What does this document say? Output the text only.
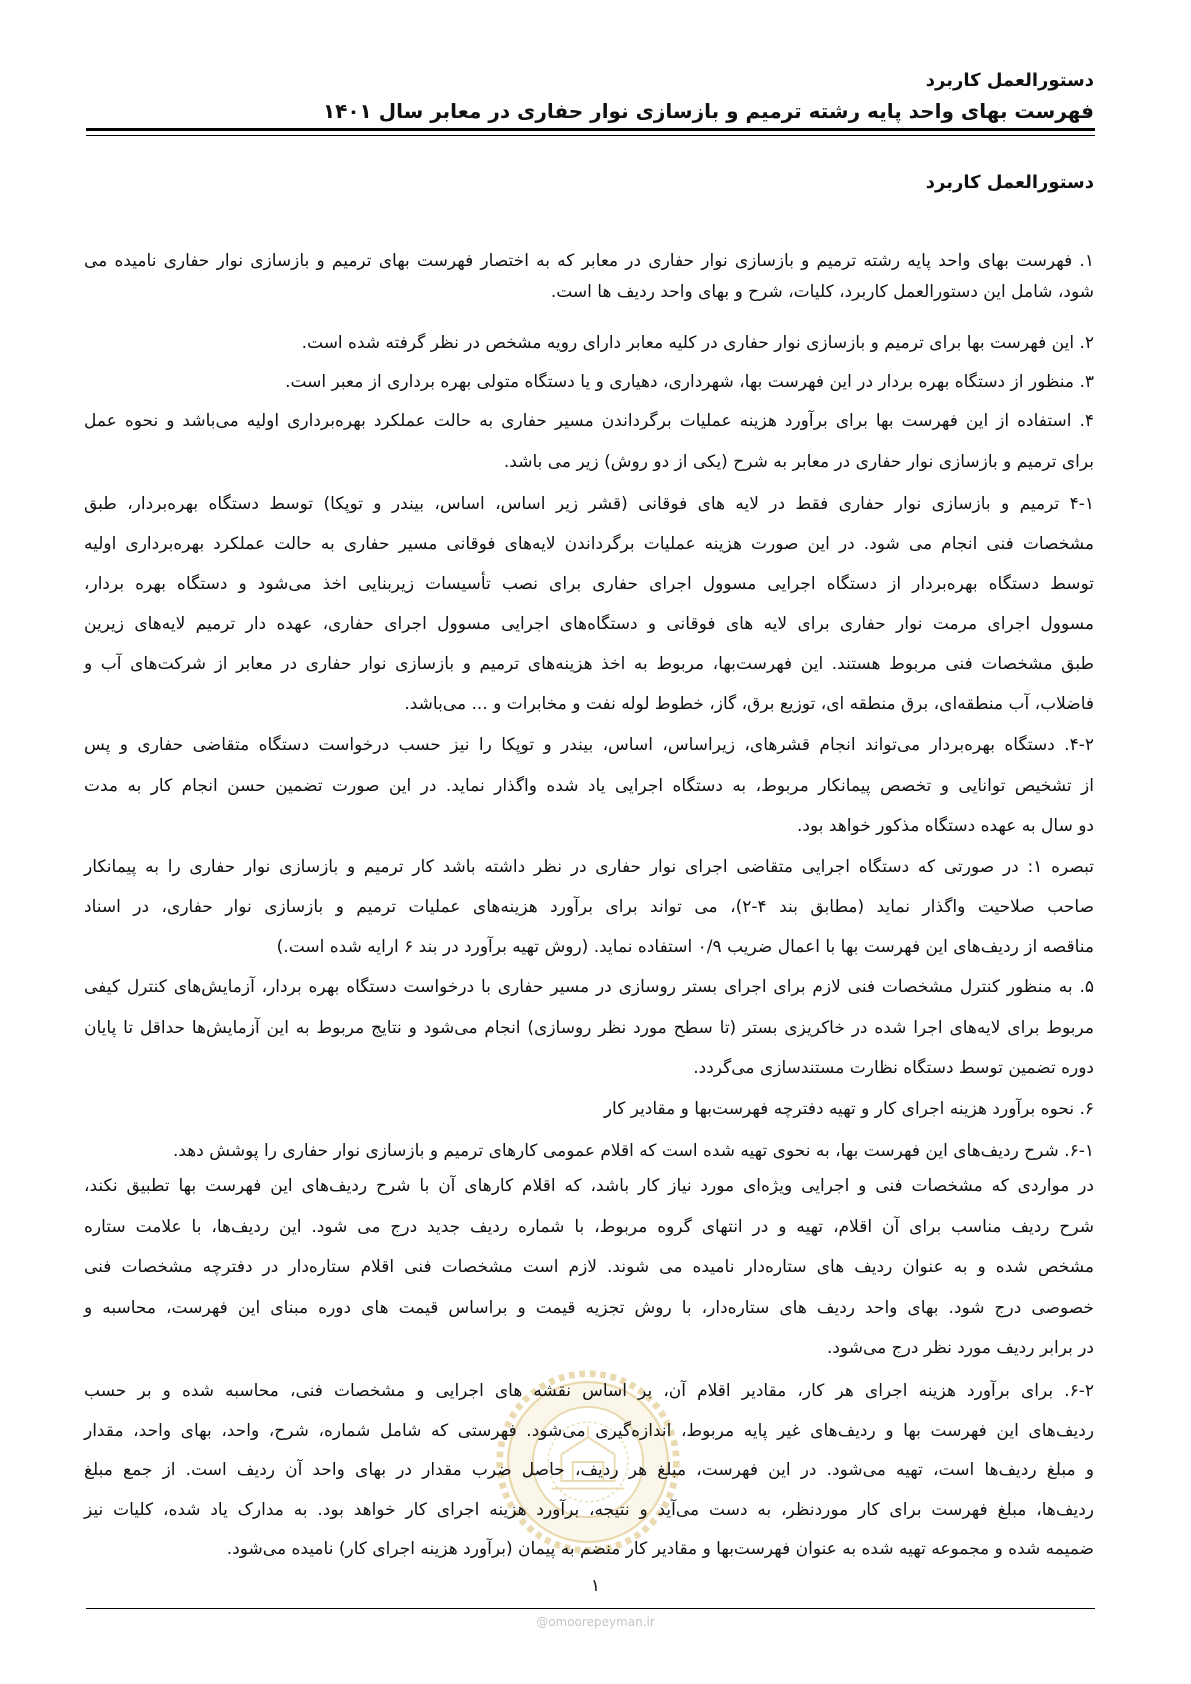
دستورالعمل کاربرد
فهرست بهای واحد پایه رشته ترمیم و بازسازی نوار حفاری در معابر سال ۱۴۰۱
دستورالعمل کاربرد
۱. فهرست بهای واحد پایه رشته ترمیم و بازسازی نوار حفاری در معابر که به اختصار فهرست بهای ترمیم و بازسازی نوار حفاری نامیده می
شود، شامل این دستورالعمل کاربرد، کلیات، شرح و بهای واحد ردیف ها است.
۲. این فهرست بها برای ترمیم و بازسازی نوار حفاری در کلیه معابر دارای رویه مشخص در نظر گرفته شده است.
۳. منظور از دستگاه بهره بردار در این فهرست بها، شهرداری، دهیاری و یا دستگاه متولی بهره برداری از معبر است.
۴. استفاده از این فهرست بها برای برآورد هزینه عملیات برگرداندن مسیر حفاری به حالت عملکرد بهره‌برداری اولیه می‌باشد و نحوه عمل
برای ترمیم و بازسازی نوار حفاری در معابر به شرح (یکی از دو روش) زیر می باشد.
۴-۱ ترمیم و بازسازی نوار حفاری فقط در لایه های فوقانی (قشر زیر اساس، اساس، بیندر و توپکا) توسط دستگاه بهره‌بردار، طبق
مشخصات فنی انجام می شود. در این صورت هزینه عملیات برگرداندن لایه‌های فوقانی مسیر حفاری به حالت عملکرد بهره‌برداری اولیه
توسط دستگاه بهره‌بردار از دستگاه اجرایی مسوول اجرای حفاری برای نصب تأسیسات زیربنایی اخذ می‌شود و دستگاه بهره بردار،
مسوول اجرای مرمت نوار حفاری برای لایه های فوقانی و دستگاه‌های اجرایی مسوول اجرای حفاری، عهده دار ترمیم لایه‌های زیرین
طبق مشخصات فنی مربوط هستند. این فهرست‌بها، مربوط به اخذ هزینه‌های ترمیم و بازسازی نوار حفاری در معابر از شرکت‌های آب و
فاضلاب، آب منطقه‌ای، برق منطقه ای، توزیع برق، گاز، خطوط لوله نفت و مخابرات و ... می‌باشد.
۴-۲. دستگاه بهره‌بردار می‌تواند انجام قشرهای، زیراساس، اساس، بیندر و توپکا را نیز حسب درخواست دستگاه متقاضی حفاری و پس
از تشخیص توانایی و تخصص پیمانکار مربوط، به دستگاه اجرایی یاد شده واگذار نماید. در این صورت تضمین حسن انجام کار به مدت
دو سال به عهده دستگاه مذکور خواهد بود.
تبصره ۱: در صورتی که دستگاه اجرایی متقاضی اجرای نوار حفاری در نظر داشته باشد کار ترمیم و بازسازی نوار حفاری را به پیمانکار
صاحب صلاحیت واگذار نماید (مطابق بند ۴-۲)، می تواند برای برآورد هزینه‌های عملیات ترمیم و بازسازی نوار حفاری، در اسناد
مناقصه از ردیف‌های این فهرست بها با اعمال ضریب ۰/۹ استفاده نماید. (روش تهیه برآورد در بند ۶ ارایه شده است.)
۵. به منظور کنترل مشخصات فنی لازم برای اجرای بستر روسازی در مسیر حفاری با درخواست دستگاه بهره بردار، آزمایش‌های کنترل کیفی
مربوط برای لایه‌های اجرا شده در خاکریزی بستر (تا سطح مورد نظر روسازی) انجام می‌شود و نتایج مربوط به این آزمایش‌ها حداقل تا پایان
دوره تضمین توسط دستگاه نظارت مستندسازی می‌گردد.
۶. نحوه برآورد هزینه اجرای کار و تهیه دفترچه فهرست‌بها و مقادیر کار
۶-۱. شرح ردیف‌های این فهرست بها، به نحوی تهیه شده است که اقلام عمومی کارهای ترمیم و بازسازی نوار حفاری را پوشش دهد.
در مواردی که مشخصات فنی و اجرایی ویژه‌ای مورد نیاز کار باشد، که اقلام کارهای آن با شرح ردیف‌های این فهرست بها تطبیق نکند،
شرح ردیف مناسب برای آن اقلام، تهیه و در انتهای گروه مربوط، با شماره ردیف جدید درج می شود. این ردیف‌ها، با علامت ستاره
مشخص شده و به عنوان ردیف های ستاره‌دار نامیده می شوند. لازم است مشخصات فنی اقلام ستاره‌دار در دفترچه مشخصات فنی
خصوصی درج شود. بهای واحد ردیف های ستاره‌دار، با روش تجزیه قیمت و براساس قیمت های دوره مبنای این فهرست، محاسبه و
در برابر ردیف مورد نظر درج می‌شود.
۶-۲. برای برآورد هزینه اجرای هر کار، مقادیر اقلام آن، بر اساس نقشه های اجرایی و مشخصات فنی، محاسبه شده و بر حسب
ردیف‌های این فهرست بها و ردیف‌های غیر پایه مربوط، اندازه‌گیری می‌شود. فهرستی که شامل شماره، شرح، واحد، بهای واحد، مقدار
و مبلغ ردیف‌ها است، تهیه می‌شود. در این فهرست، مبلغ هر ردیف، حاصل ضرب مقدار در بهای واحد آن ردیف است. از جمع مبلغ
ردیف‌ها، مبلغ فهرست برای کار موردنظر، به دست می‌آید و نتیجه، برآورد هزینه اجرای کار خواهد بود. به مدارک یاد شده، کلیات نیز
ضمیمه شده و مجموعه تهیه شده به عنوان فهرست‌بها و مقادیر کار منضم به پیمان (برآورد هزینه اجرای کار) نامیده می‌شود.
۱
@omoorepeyman.ir
